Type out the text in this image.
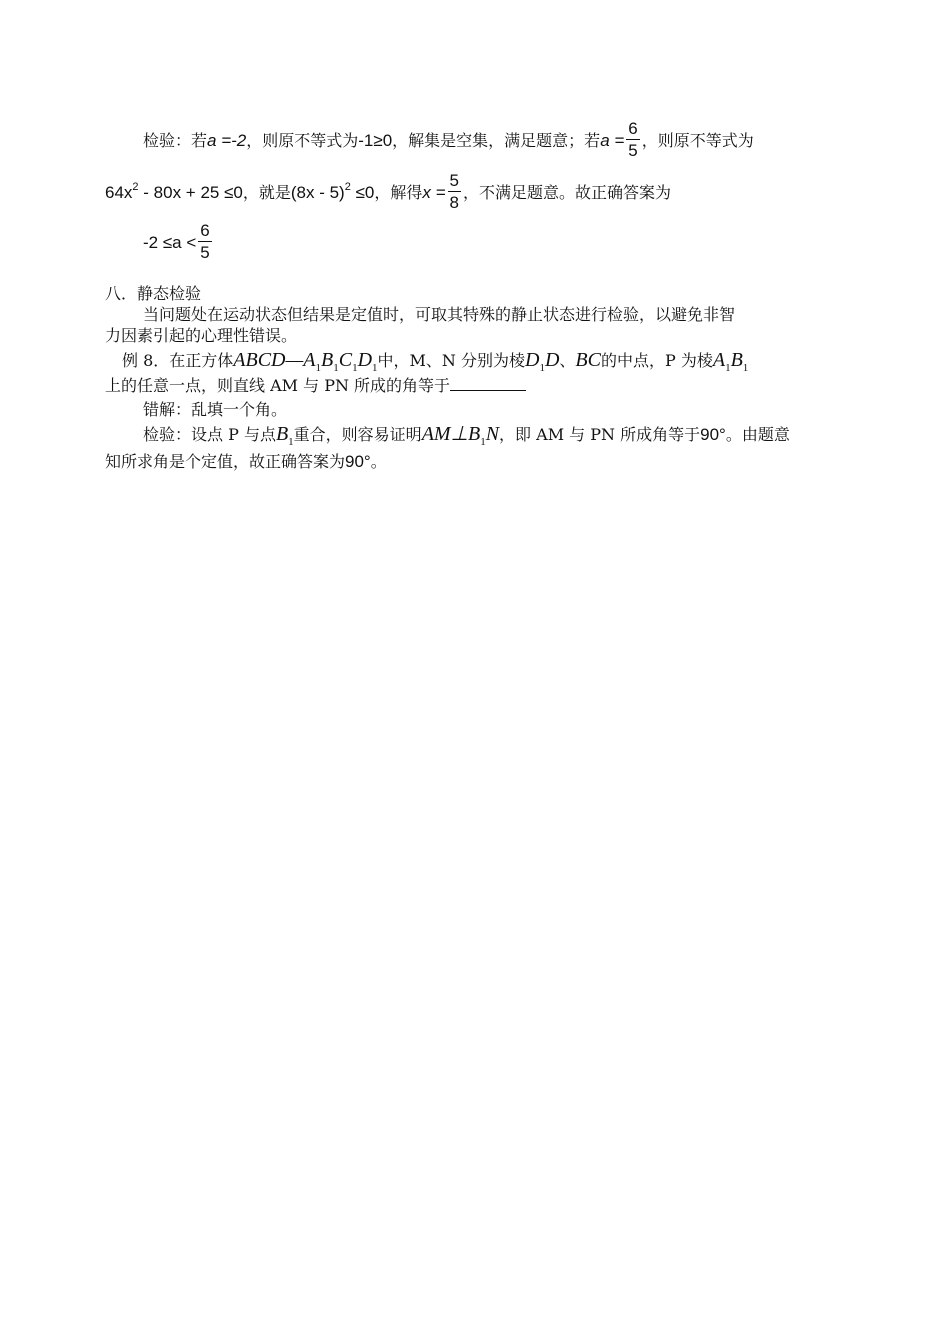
检验：若a =-2，则原不等式为-1≥0，解集是空集，满足题意；若$a = \frac{6}{5}$ ，则原不等式为
$64x^2 - 80x + 25 \le 0$，就是(8x - 5)$^2$ ≤0，解得$x = \frac{5}{8}$ ，不满足题意。故正确答案为
$-2 \le a < \frac{6}{5}$
八．静态检验
当问题处在运动状态但结果是定值时，可取其特殊的静止状态进行检验，以避免非智
力因素引起的心理性错误。
例 8．在正方体$ABCD—A_1B_1C_1D_1$中，M、N 分别为棱$D_1D$、BC的中点，P 为棱$A_1B_1$
上的任意一点，则直线 AM 与 PN 所成的角等于
错解：乱填一个角。
检验：设点 P 与点$B_1$重合，则容易证明$AM\perp B_1N$，即 AM 与 PN 所成角等于90°。由题意
知所求角是个定值，故正确答案为90°。
